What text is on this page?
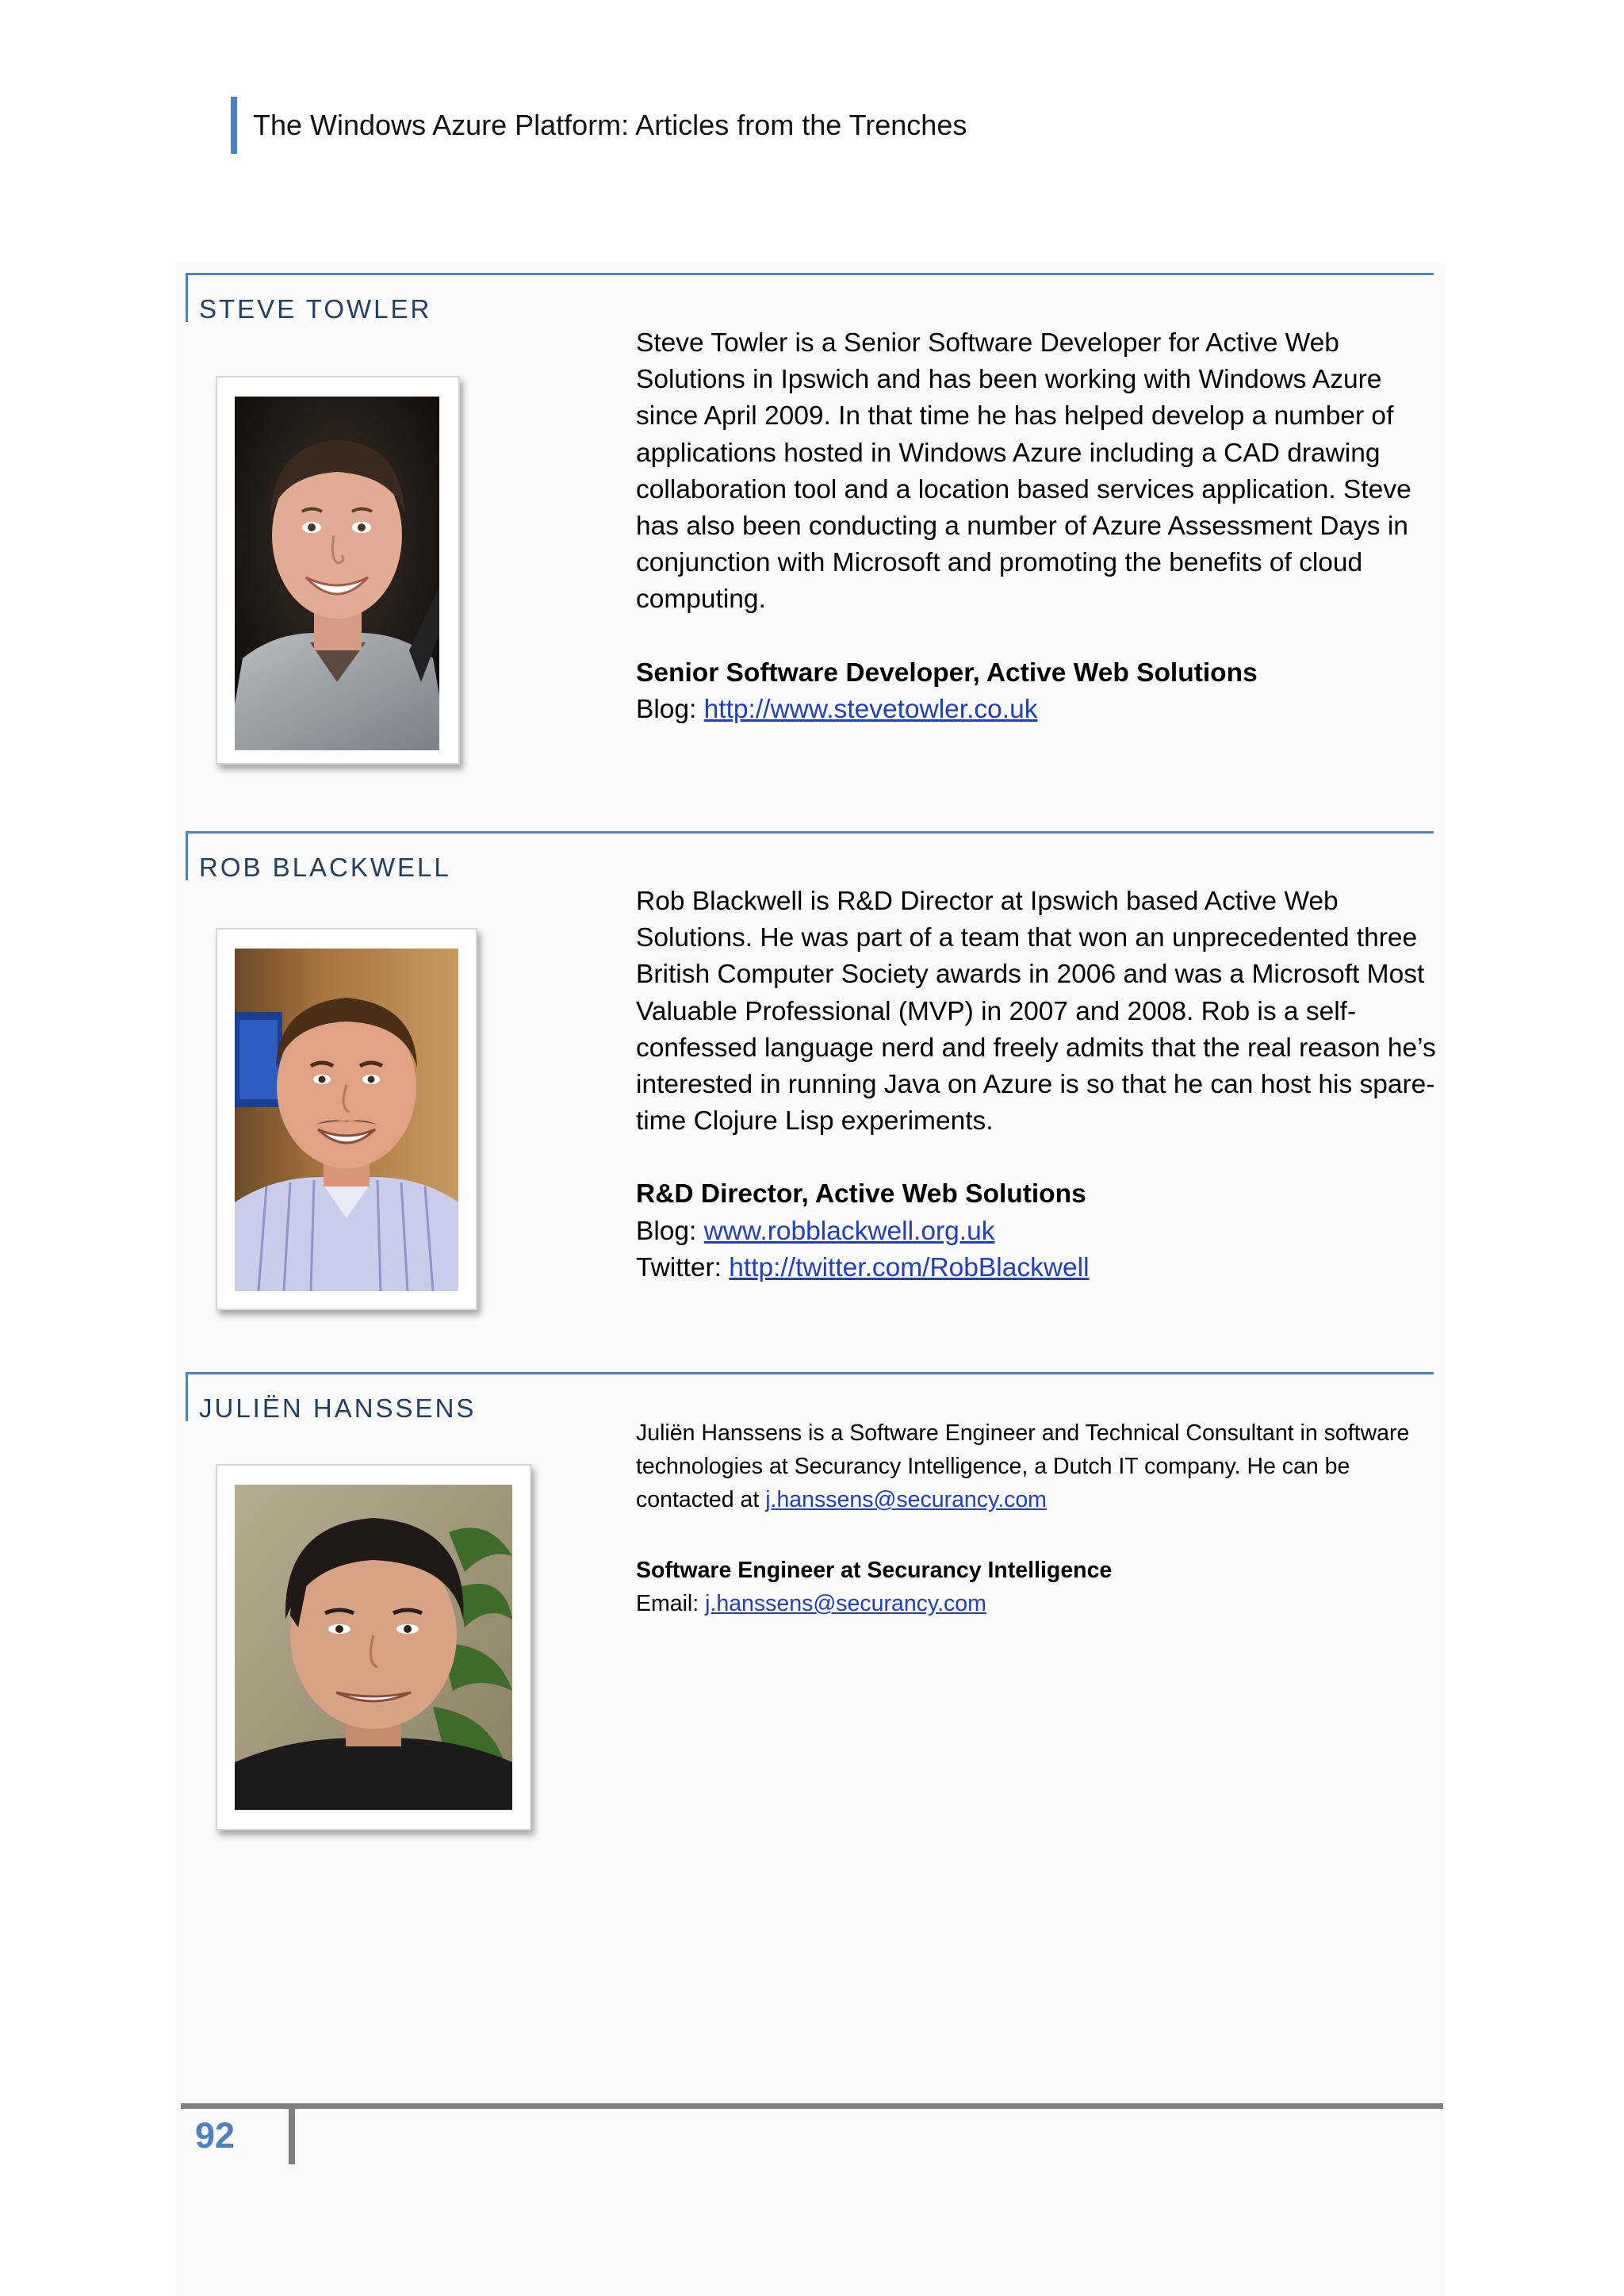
The Windows Azure Platform: Articles from the Trenches
STEVE TOWLER

Steve Towler is a Senior Software Developer for Active Web Solutions in Ipswich and has been working with Windows Azure since April 2009. In that time he has helped develop a number of applications hosted in Windows Azure including a CAD drawing collaboration tool and a location based services application. Steve has also been conducting a number of Azure Assessment Days in conjunction with Microsoft and promoting the benefits of cloud computing.

Senior Software Developer, Active Web Solutions

Blog: http://www.stevetowler.co.uk

ROB BLACKWELL

Rob Blackwell is R&D Director at Ipswich based Active Web Solutions. He was part of a team that won an unprecedented three British Computer Society awards in 2006 and was a Microsoft Most Valuable Professional (MVP) in 2007 and 2008. Rob is a self-confessed language nerd and freely admits that the real reason he’s interested in running Java on Azure is so that he can host his spare-time Clojure Lisp experiments.

R&D Director, Active Web Solutions

Blog: www.robblackwell.org.uk

Twitter: http://twitter.com/RobBlackwell

JULIËN HANSSENS

Juliën Hanssens is a Software Engineer and Technical Consultant in software technologies at Securancy Intelligence, a Dutch IT company. He can be contacted at j.hanssens@securancy.com

Software Engineer at Securancy Intelligence

Email: j.hanssens@securancy.com

92
